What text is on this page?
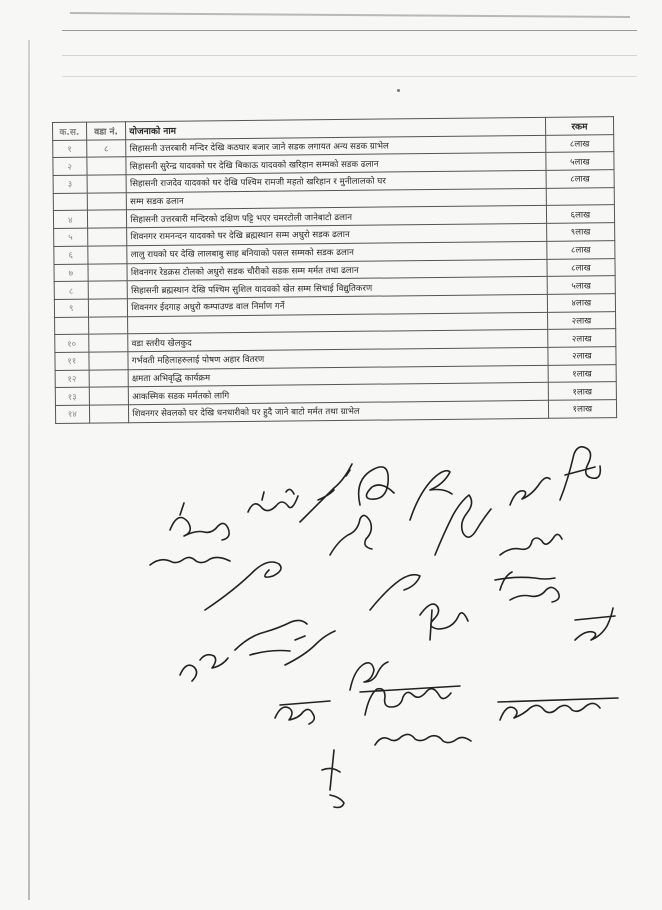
क.स.	वडा नं.	योजनाको नाम	रकम
१	८	सिहासनी उत्तरबारी मन्दिर देखि कठघार बजार जाने सडक लगायत अन्य सडक ग्राभेल	८लाख
२		सिहासनी सुरेन्द्र यादवको घर देखि बिकाऊ यादवको खरिहान सम्मको सडक ढलान	५लाख
३		सिहासनी राजदेव यादवको घर देखि पश्चिम रामजी महतो खरिहान र मुनीलालको घर	८लाख
		सम्म सडक ढलान	
४		सिहासनी उत्तरबारी मन्दिरको दक्षिण पट्टि भएर चमरटोली जानेबाटो ढलान	६लाख
५		शिवनगर रामनन्दन यादवको घर देखि ब्रह्मस्थान सम्म अधुरो सडक ढलान	९लाख
६		लालु रायको घर देखि लालबाबु साह बनियाको पसल सम्मको सडक ढलान	८लाख
७		शिवनगर रेडक्रस टोलको अधुरो सडक चौरीको सडक सम्म मर्मत तथा ढलान	८लाख
८		सिहासनी ब्रह्मस्थान देखि पश्चिम सुशिल यादवको खेत सम्म सिचाई विद्युतिकरण	५लाख
९		शिवनगर ईदगाह अधुरो कम्पाउण्ड वाल निर्माण गर्ने	४लाख
			२लाख
१०		वडा स्तरीय खेलकुद	२लाख
११		गर्भवती महिलाहरुलाई पोषण अहार वितरण	२लाख
१२		क्षमता अभिवृद्धि कार्यक्रम	१लाख
१३		आकस्मिक सडक मर्मतको लागि	१लाख
१४		शिवनगर सेवलको घर देखि धनधारीको घर हुदै जाने बाटो मर्मत तथा ग्राभेल	१लाख
